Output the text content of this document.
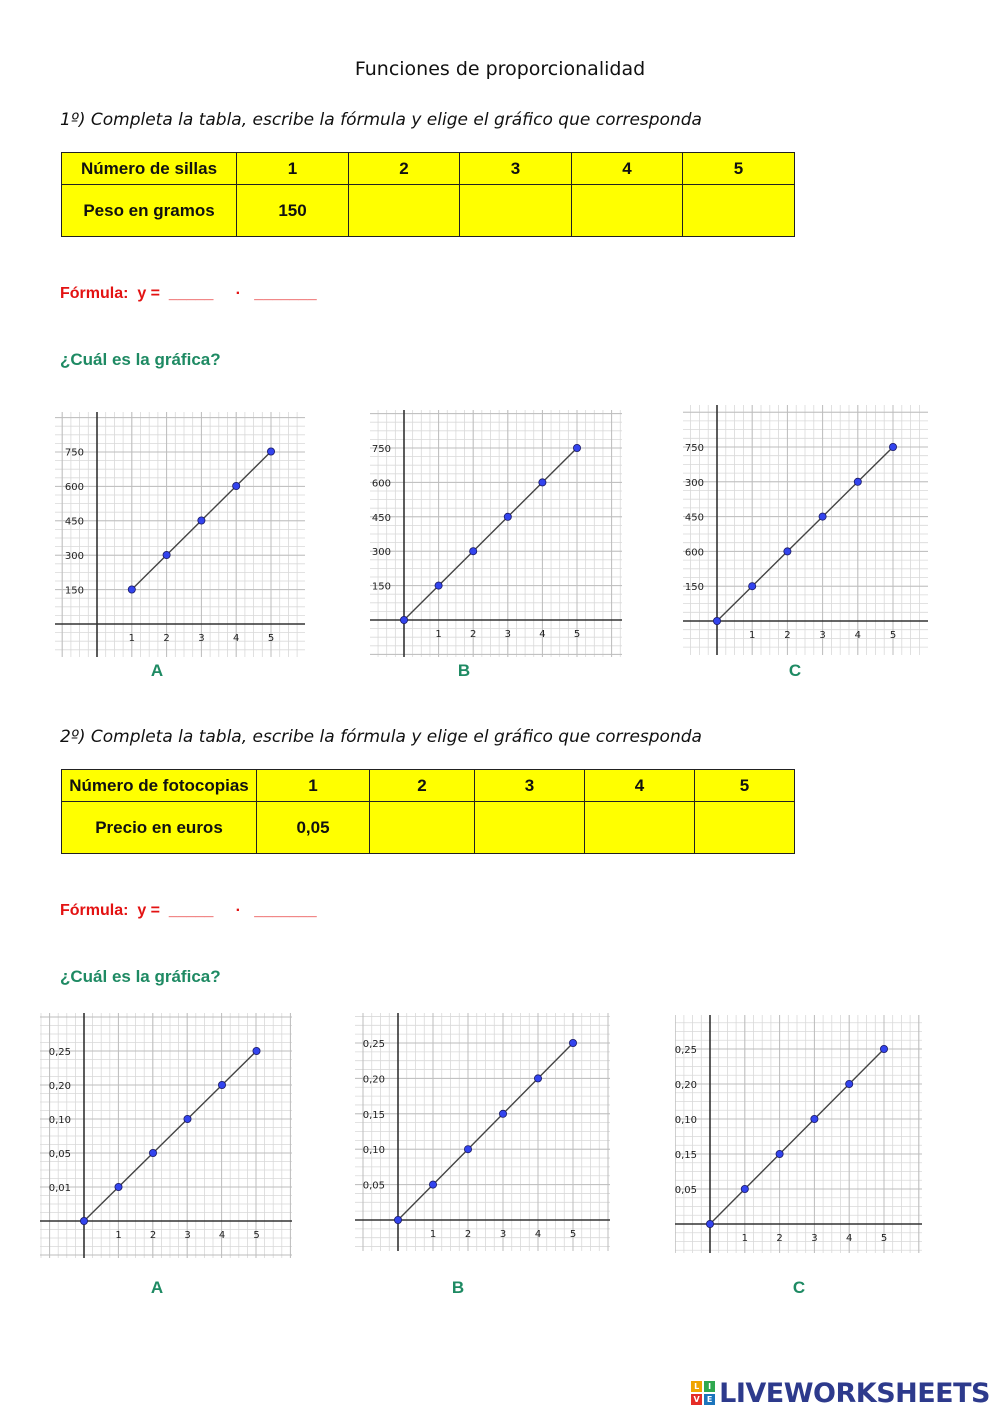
Funciones de proporcionalidad
1º) Completa la tabla, escribe la fórmula y elige el gráfico que corresponda
Número de sillas	1	2	3	4	5
Peso en gramos	150				
Fórmula:  y =  _____     ·   _______
¿Cuál es la gráfica?
1	2	3	4	5
750
600
450
300
150
1	2	3	4	5
750
600
450
300
150
1	2	3	4	5
750
300
450
600
150
A	B	C
2º) Completa la tabla, escribe la fórmula y elige el gráfico que corresponda
Número de fotocopias	1	2	3	4	5
Precio en euros	0,05				
Fórmula:  y =  _____     ·   _______
¿Cuál es la gráfica?
1	2	3	4	5
0,25
0,20
0,10
0,05
0,01
1	2	3	4	5
0,25
0,20
0,15
0,10
0,05
1	2	3	4	5
0,25
0,20
0,10
0,15
0,05
A	B	C
L	I
V E LIVEWORKSHEETS
